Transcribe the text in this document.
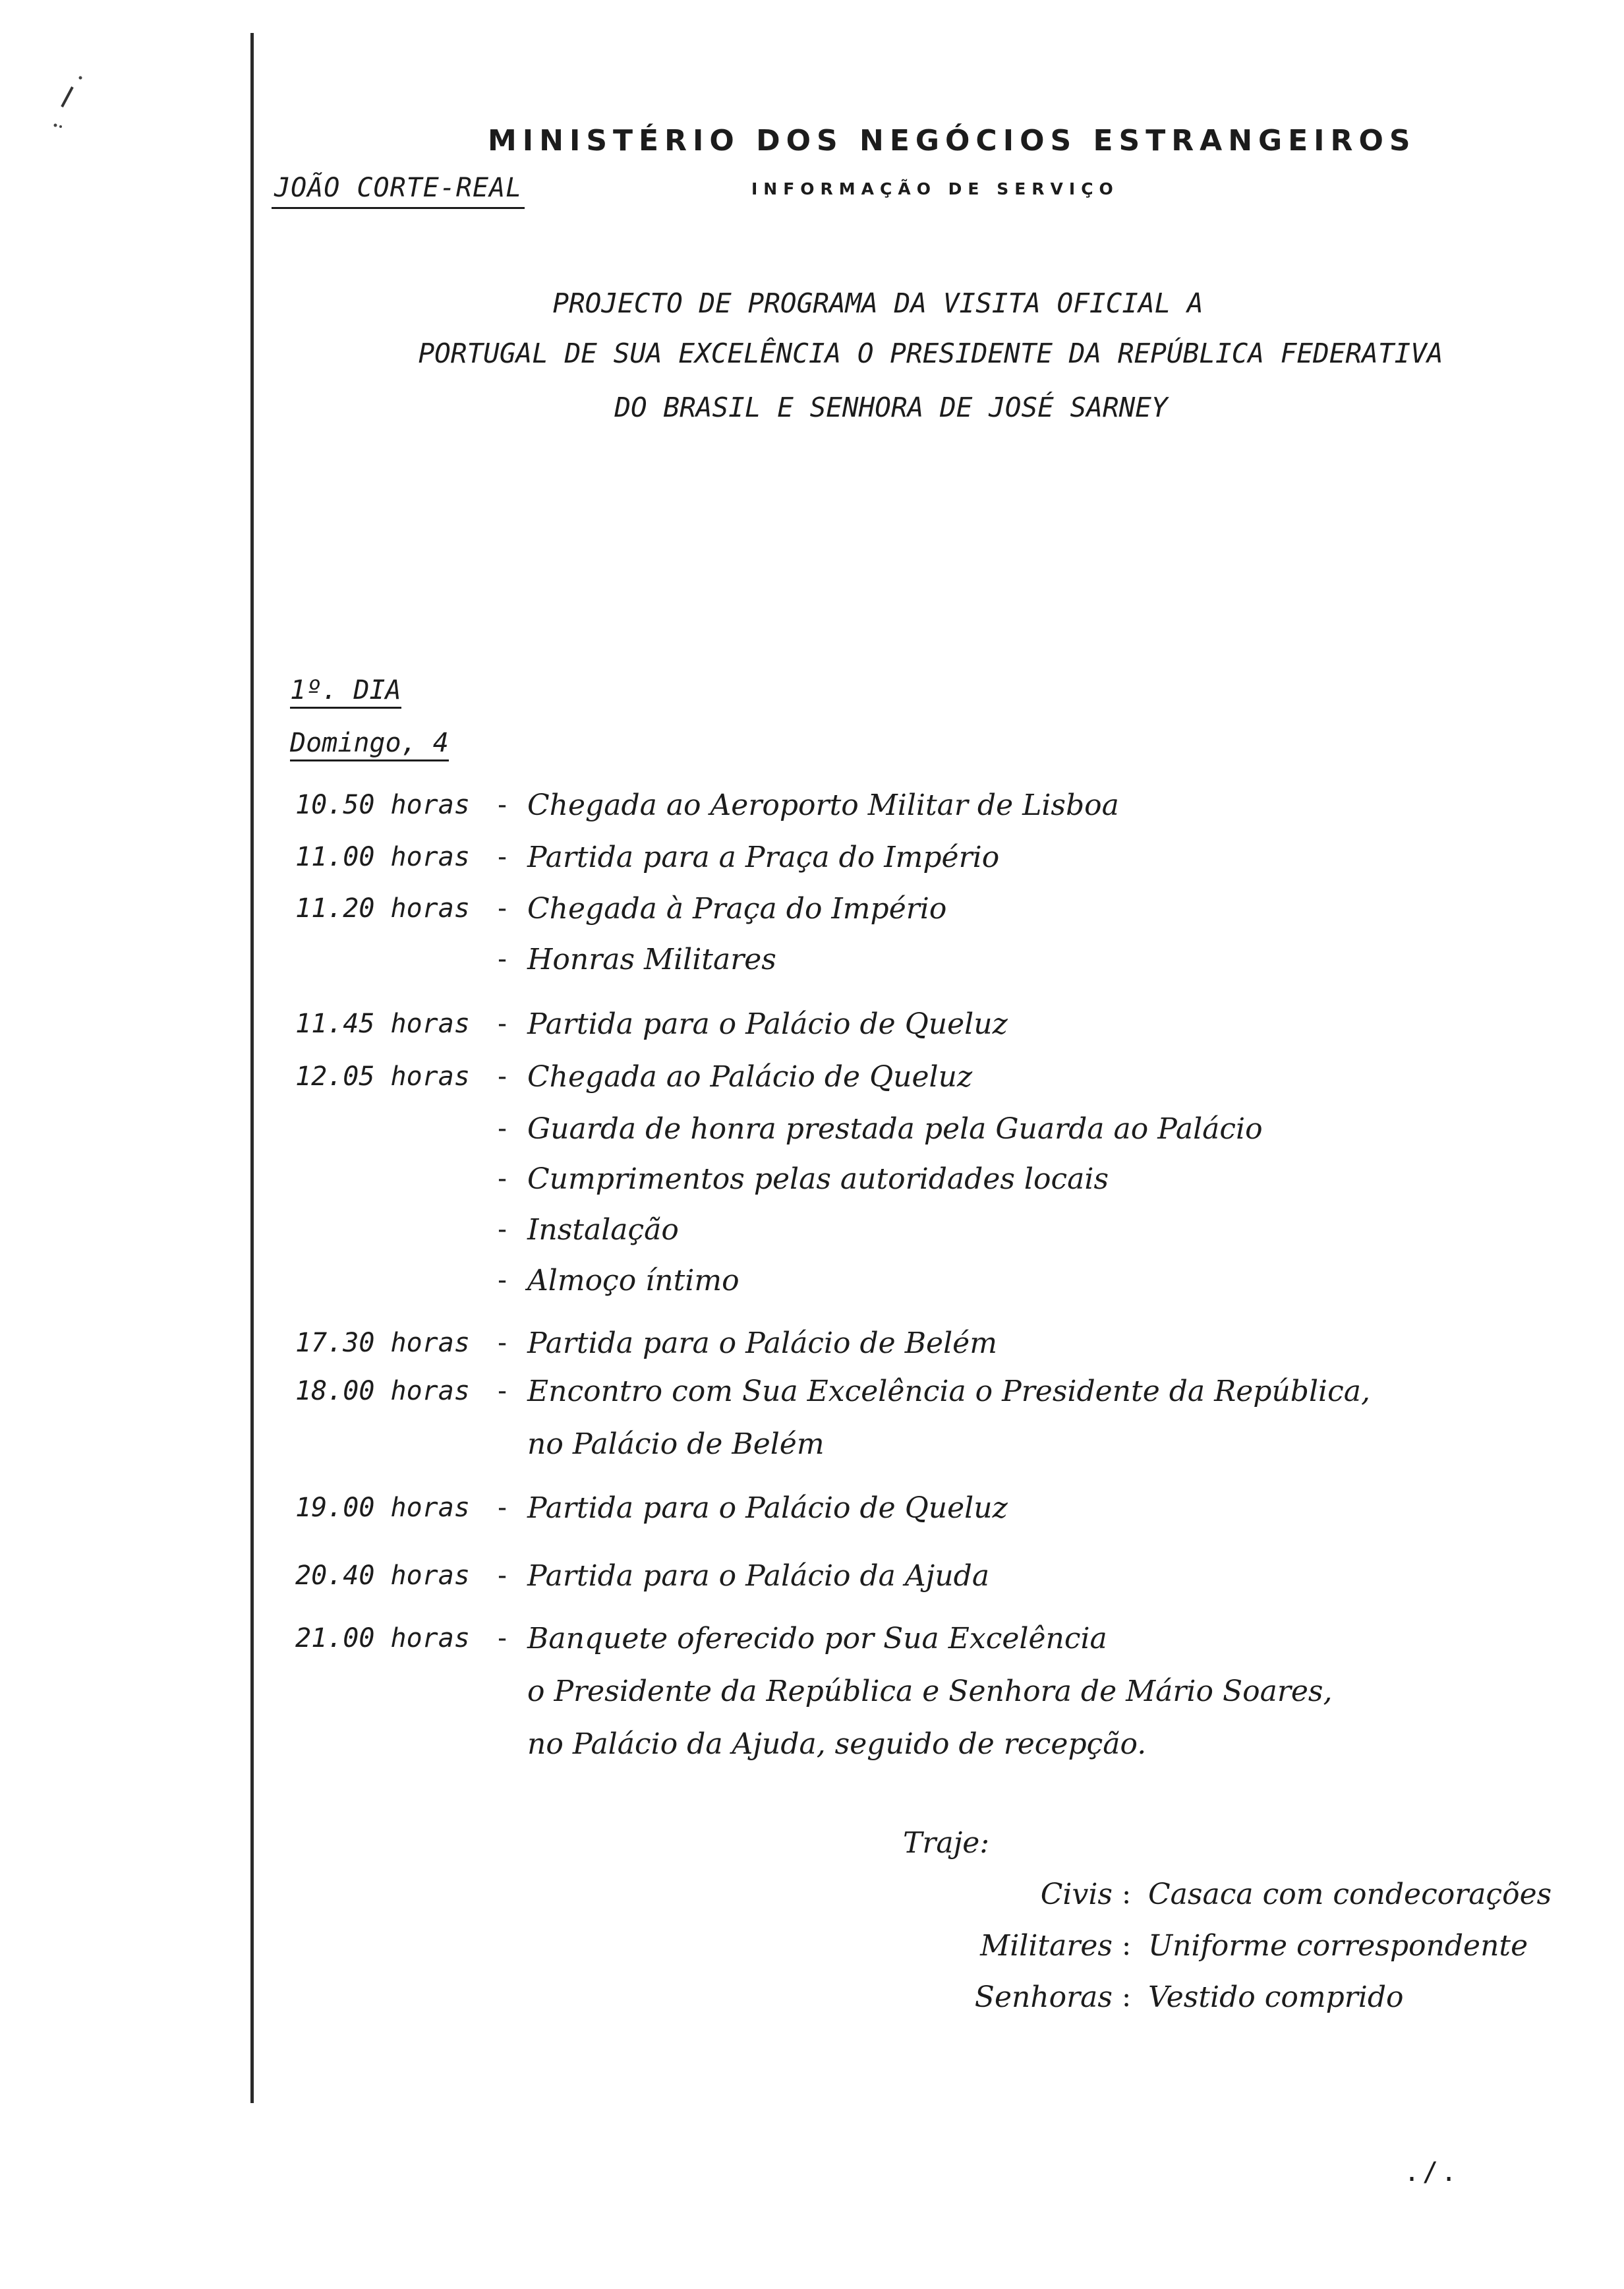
MINISTÉRIO DOS NEGÓCIOS ESTRANGEIROS
JOÃO CORTE-REAL	INFORMAÇÃO DE SERVIÇO
PROJECTO DE PROGRAMA DA VISITA OFICIAL A
PORTUGAL DE SUA EXCELÊNCIA O PRESIDENTE DA REPÚBLICA FEDERATIVA
DO BRASIL E SENHORA DE JOSÉ SARNEY
1º. DIA
Domingo, 4
10.50 horas - Chegada ao Aeroporto Militar de Lisboa
11.00 horas - Partida para a Praça do Império
11.20 horas - Chegada à Praça do Império
- Honras Militares
11.45 horas - Partida para o Palácio de Queluz
12.05 horas - Chegada ao Palácio de Queluz
- Guarda de honra prestada pela Guarda ao Palácio
- Cumprimentos pelas autoridades locais
- Instalação
- Almoço íntimo
17.30 horas - Partida para o Palácio de Belém
18.00 horas - Encontro com Sua Excelência o Presidente da República,
no Palácio de Belém
19.00 horas - Partida para o Palácio de Queluz
20.40 horas - Partida para o Palácio da Ajuda
21.00 horas - Banquete oferecido por Sua Excelência
o Presidente da República e Senhora de Mário Soares,
no Palácio da Ajuda, seguido de recepção.
Traje:
Civis : Casaca com condecorações
Militares : Uniforme correspondente
Senhoras : Vestido comprido
./.
